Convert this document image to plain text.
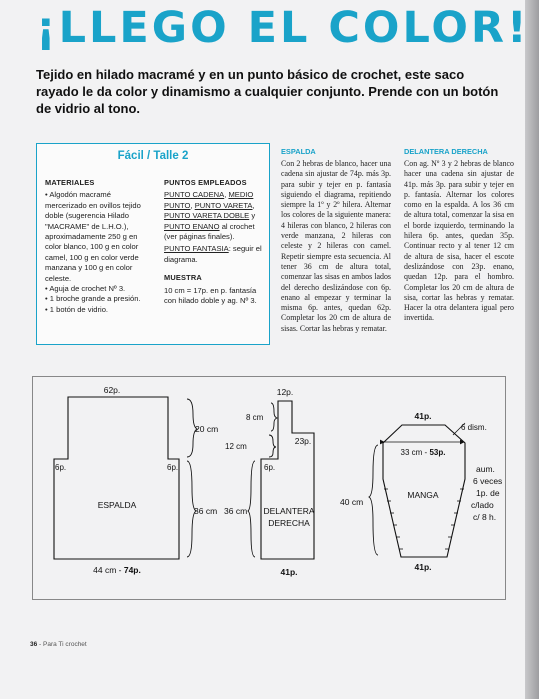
¡LLEGO EL COLOR!
Tejido en hilado macramé y en un punto básico de crochet, este saco rayado le da color y dinamismo a cualquier conjunto. Prende con un botón de vidrio al tono.
Fácil / Talle 2
MATERIALES

• Algodón macramé mercerizado en ovillos tejido doble (sugerencia Hilado "MACRAME" de L.H.O.), aproximadamente 250 g en color blanco, 100 g en color camel, 100 g en color verde manzana y 100 g en color celeste.

• Aguja de crochet Nº 3.

• 1 broche grande a presión.

• 1 botón de vidrio.

PUNTOS EMPLEADOS

PUNTO CADENA, MEDIO PUNTO, PUNTO VARETA, PUNTO VARETA DOBLE y PUNTO ENANO al crochet (ver páginas finales).

PUNTO FANTASIA: seguir el diagrama.

MUESTRA

10 cm = 17p. en p. fantasía con hilado doble y ag. Nº 3.

ESPALDA

Con 2 hebras de blanco, hacer una cadena sin ajustar de 74p. más 3p. para subir y tejer en p. fantasía siguiendo el diagrama, repitiendo siempre la 1º y 2º hilera. Alternar los colores de la siguiente manera: 4 hileras con blanco, 2 hileras con verde manzana, 2 hileras con celeste y 2 hileras con camel. Repetir siempre esta secuencia. Al tener 36 cm de altura total, comenzar las sisas en ambos lados del derecho deslizándose con 6p. enano al empezar y terminar la misma 6p. antes, quedan 62p. Completar los 20 cm de altura de sisas. Cortar las hebras y rematar.

DELANTERA DERECHA

Con ag. Nº 3 y 2 hebras de blanco hacer una cadena sin ajustar de 41p. más 3p. para subir y tejer en p. fantasía. Alternar los colores como en la espalda. A los 36 cm de altura total, comenzar la sisa en el borde izquierdo, terminando la hilera 6p. antes, quedan 35p. Continuar recto y al tener 12 cm de altura de sisa, hacer el escote deslizándose con 23p. enano, quedan 12p. para el hombro. Completar los 20 cm de altura de sisa, cortar las hebras y rematar. Hacer la otra delantera igual pero invertida.

62p.
6p.	6p.
ESPALDA
20 cm
36 cm
44 cm - 74p.
12p.
8 cm
23p.
12 cm
6p.
36 cm DELANTERA
DERECHA
41p.
41p.
6 dism.
33 cm - 53p.
MANGA
40 cm
aum.
6 veces
1p. de
c/lado
c/ 8 h.
41p.
36 - Para Ti crochet
